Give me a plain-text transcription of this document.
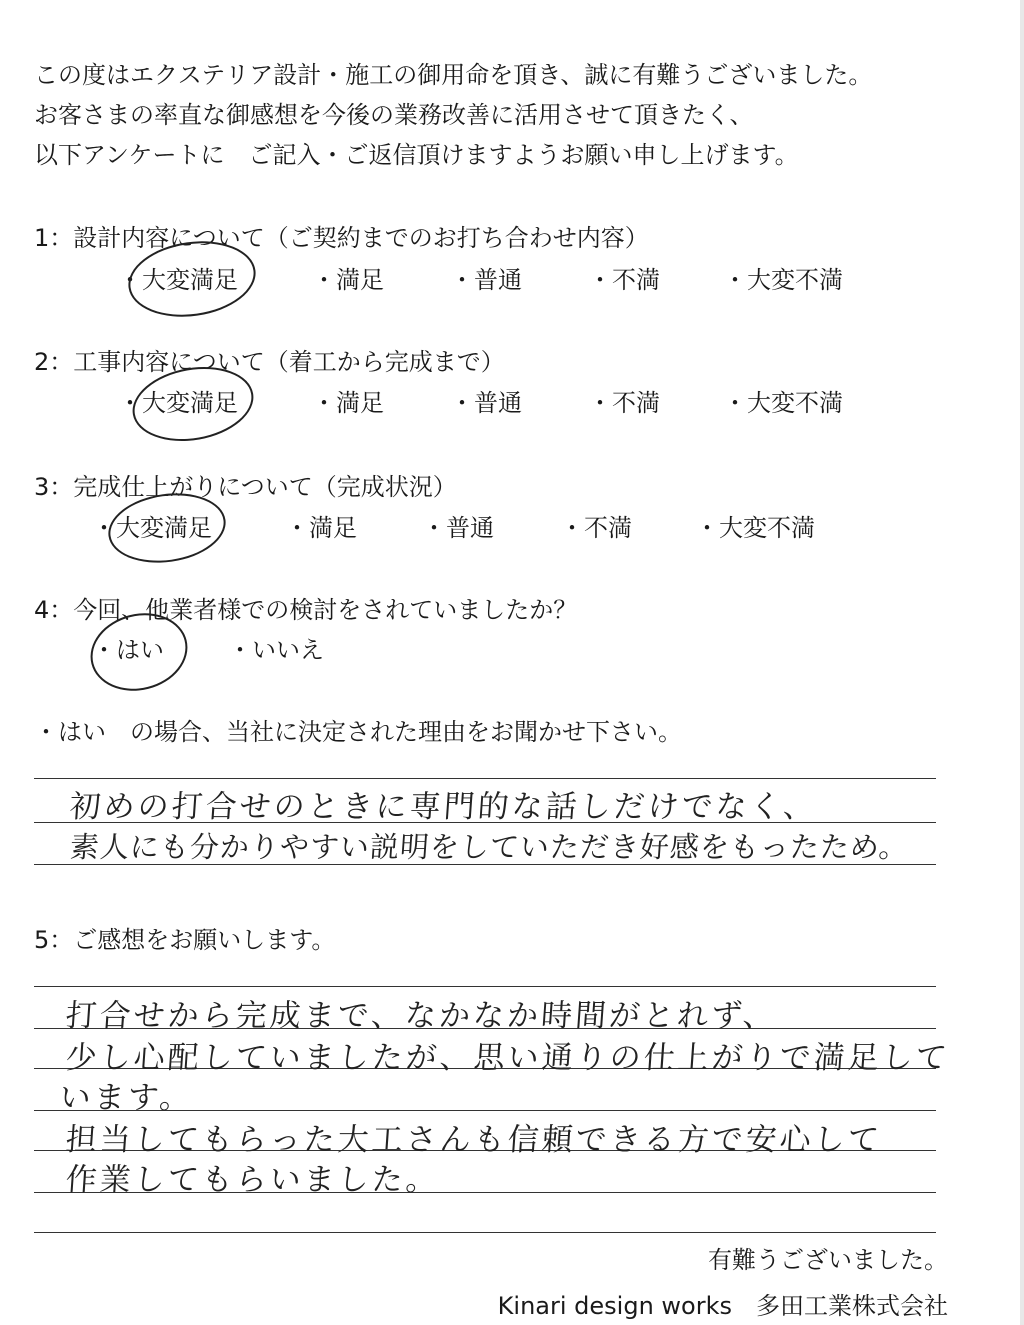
この度はエクステリア設計・施工の御用命を頂き、誠に有難うございました。
お客さまの率直な御感想を今後の業務改善に活用させて頂きたく、
以下アンケートに　ご記入・ご返信頂けますようお願い申し上げます。
1：設計内容について（ご契約までのお打ち合わせ内容）
・大変満足	・満足	・普通	・不満	・大変不満
2：工事内容について（着工から完成まで）
・大変満足	・満足	・普通	・不満	・大変不満
3：完成仕上がりについて（完成状況）
・大変満足	・満足	・普通	・不満	・大変不満
4：今回、他業者様での検討をされていましたか？
・はい	・いいえ
・はい　の場合、当社に決定された理由をお聞かせ下さい。
初めの打合せのときに専門的な話しだけでなく、
素人にも分かりやすい説明をしていただき好感をもったため。
5：ご感想をお願いします。
打合せから完成まで、なかなか時間がとれず、
少し心配していましたが、思い通りの仕上がりで満足して
います。
担当してもらった大工さんも信頼できる方で安心して
作業してもらいました。
有難うございました。
Kinari design works　多田工業株式会社
